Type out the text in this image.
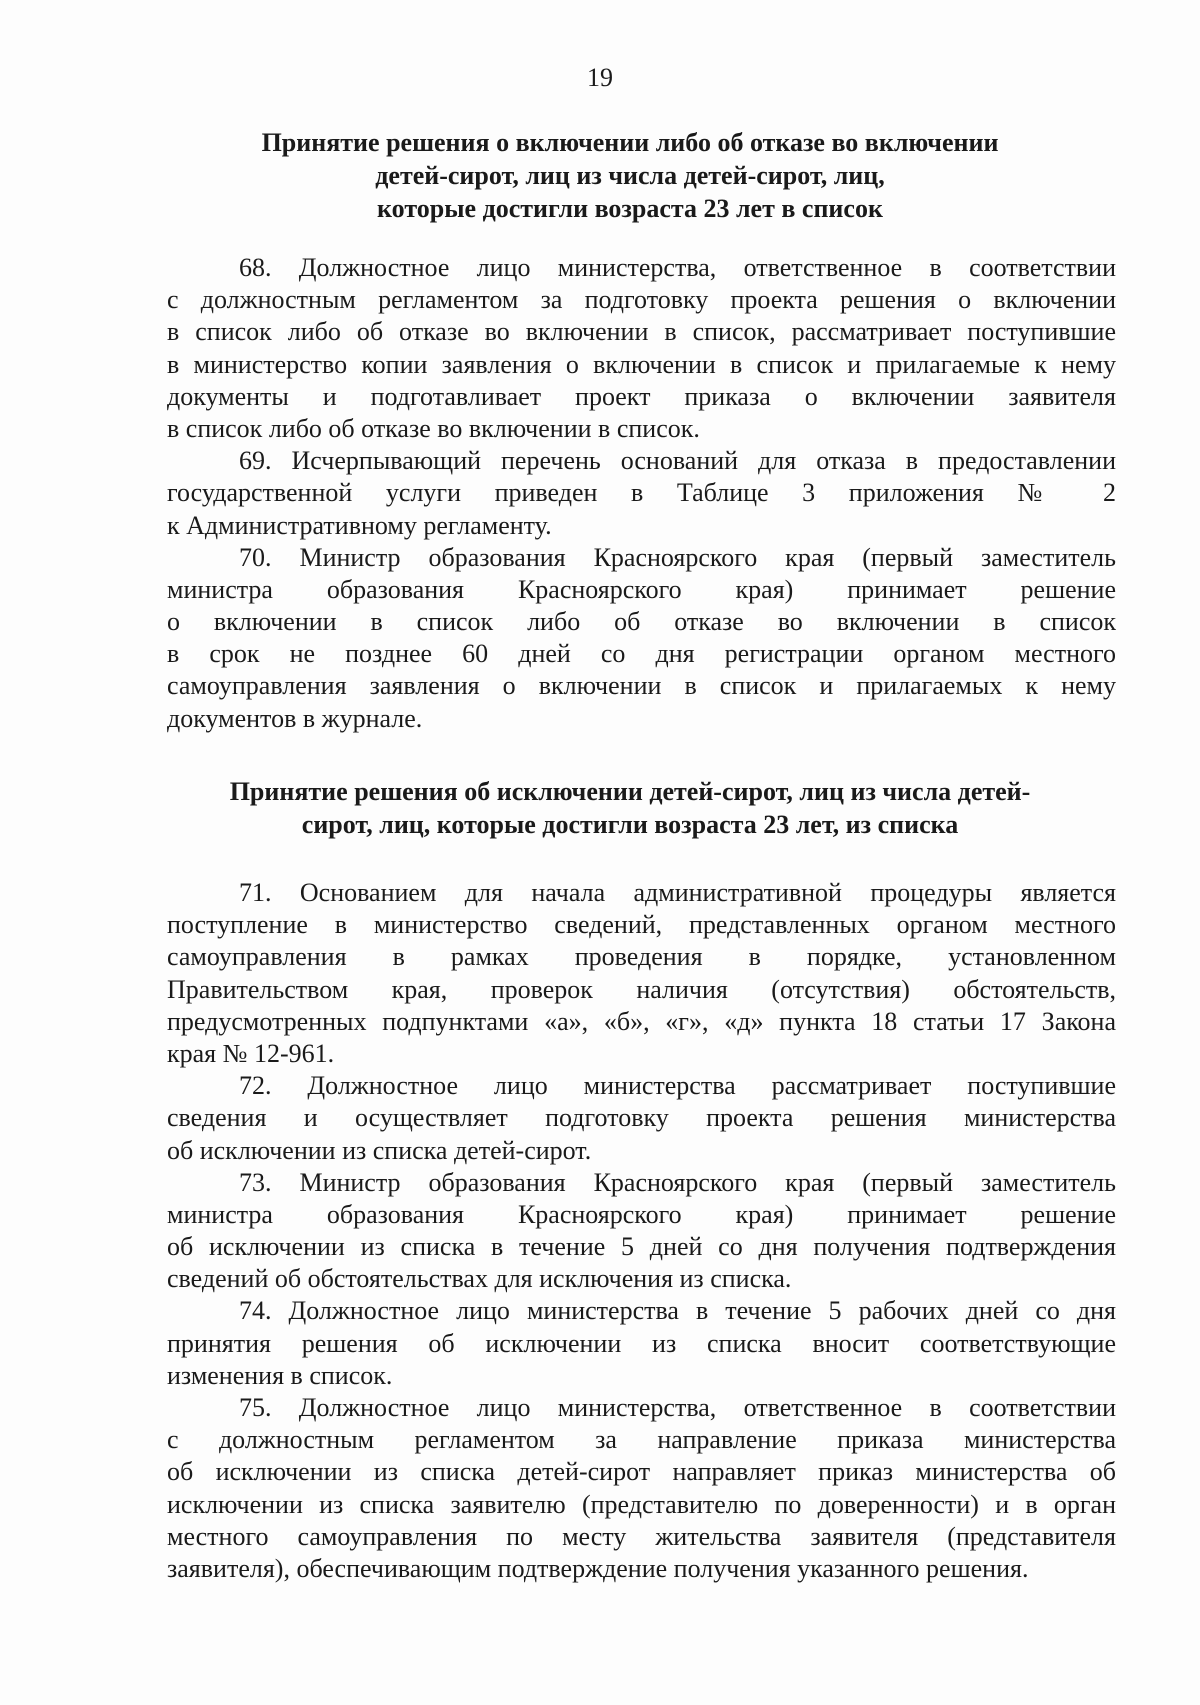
19
Принятие решения о включении либо об отказе во включении
детей-сирот, лиц из числа детей-сирот, лиц,
которые достигли возраста 23 лет в список
68. Должностное лицо министерства, ответственное в соответствии
с должностным регламентом за подготовку проекта решения о включении
в список либо об отказе во включении в список, рассматривает поступившие
в министерство копии заявления о включении в список и прилагаемые к нему
документы и подготавливает проект приказа о включении заявителя
в список либо об отказе во включении в список.
69. Исчерпывающий перечень оснований для отказа в предоставлении
государственной услуги приведен в Таблице 3 приложения № 2
к Административному регламенту.
70. Министр образования Красноярского края (первый заместитель
министра образования Красноярского края) принимает решение
о включении в список либо об отказе во включении в список
в срок не позднее 60 дней со дня регистрации органом местного
самоуправления заявления о включении в список и прилагаемых к нему
документов в журнале.
Принятие решения об исключении детей-сирот, лиц из числа детей-
сирот, лиц, которые достигли возраста 23 лет, из списка
71. Основанием для начала административной процедуры является
поступление в министерство сведений, представленных органом местного
самоуправления в рамках проведения в порядке, установленном
Правительством края, проверок наличия (отсутствия) обстоятельств,
предусмотренных подпунктами «а», «б», «г», «д» пункта 18 статьи 17 Закона
края № 12-961.
72. Должностное лицо министерства рассматривает поступившие
сведения и осуществляет подготовку проекта решения министерства
об исключении из списка детей-сирот.
73. Министр образования Красноярского края (первый заместитель
министра образования Красноярского края) принимает решение
об исключении из списка в течение 5 дней со дня получения подтверждения
сведений об обстоятельствах для исключения из списка.
74. Должностное лицо министерства в течение 5 рабочих дней со дня
принятия решения об исключении из списка вносит соответствующие
изменения в список.
75. Должностное лицо министерства, ответственное в соответствии
с должностным регламентом за направление приказа министерства
об исключении из списка детей-сирот направляет приказ министерства об
исключении из списка заявителю (представителю по доверенности) и в орган
местного самоуправления по месту жительства заявителя (представителя
заявителя), обеспечивающим подтверждение получения указанного решения.
